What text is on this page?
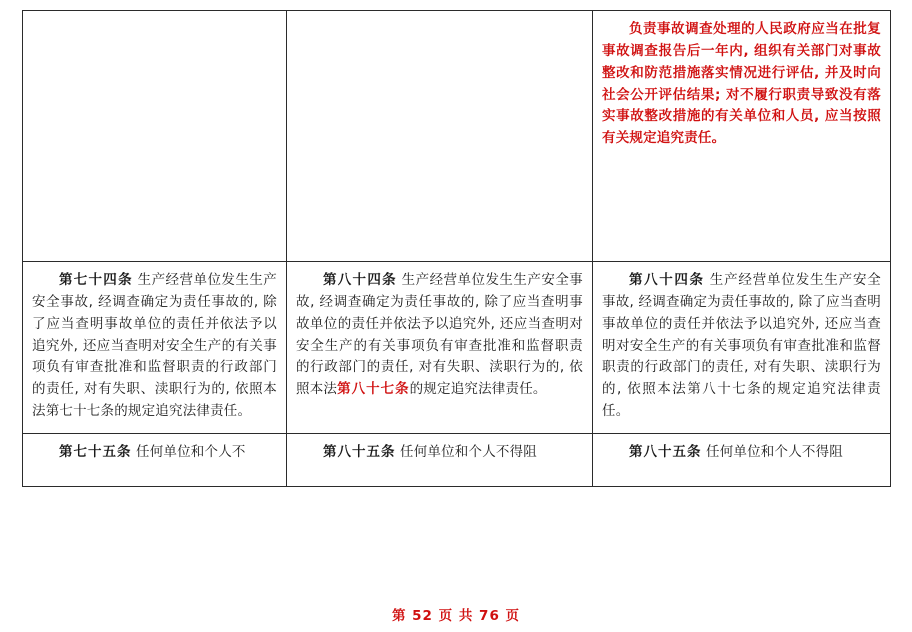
		负责事故调查处理的人民政府应当在批复事故调查报告后一年内, 组织有关部门对事故整改和防范措施落实情况进行评估, 并及时向社会公开评估结果; 对不履行职责导致没有落实事故整改措施的有关单位和人员, 应当按照有关规定追究责任。

第七十四条 生产经营单位发生生产安全事故, 经调查确定为责任事故的, 除了应当查明事故单位的责任并依法予以追究外, 还应当查明对安全生产的有关事项负有审查批准和监督职责的行政部门的责任, 对有失职、渎职行为的, 依照本法第七十七条的规定追究法律责任。	第八十四条 生产经营单位发生生产安全事故, 经调查确定为责任事故的, 除了应当查明事故单位的责任并依法予以追究外, 还应当查明对安全生产的有关事项负有审查批准和监督职责的行政部门的责任, 对有失职、渎职行为的, 依照本法第八十七条的规定追究法律责任。	第八十四条 生产经营单位发生生产安全事故, 经调查确定为责任事故的, 除了应当查明事故单位的责任并依法予以追究外, 还应当查明对安全生产的有关事项负有审查批准和监督职责的行政部门的责任, 对有失职、渎职行为的, 依照本法第八十七条的规定追究法律责任。

第七十五条 任何单位和个人不	第八十五条 任何单位和个人不得阻	第八十五条 任何单位和个人不得阻
第 52 页 共 76 页
